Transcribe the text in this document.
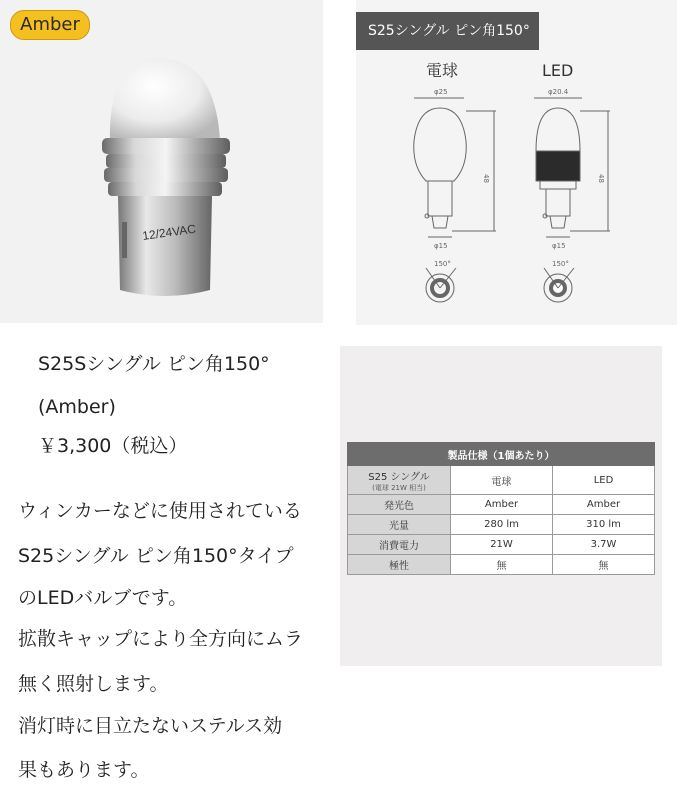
Amber
12/24VAC
S25シングル ピン角150°
電球	LED
φ25
48
φ15
150°
φ20.4
48
φ15
150°
S25Sシングル ピン角150°
(Amber)
￥3,300（税込）
ウィンカーなどに使用されている
S25シングル ピン角150°タイプ
のLEDバルブです。
拡散キャップにより全方向にムラ
無く照射します。
消灯時に目立たないステルス効
果もあります。
製品仕様（1個あたり）		
S25 シングル
(電球 21W 相当)	電球	LED
発光色	Amber	Amber
光量	280 lm	310 lm
消費電力	21W	3.7W
極性	無	無
